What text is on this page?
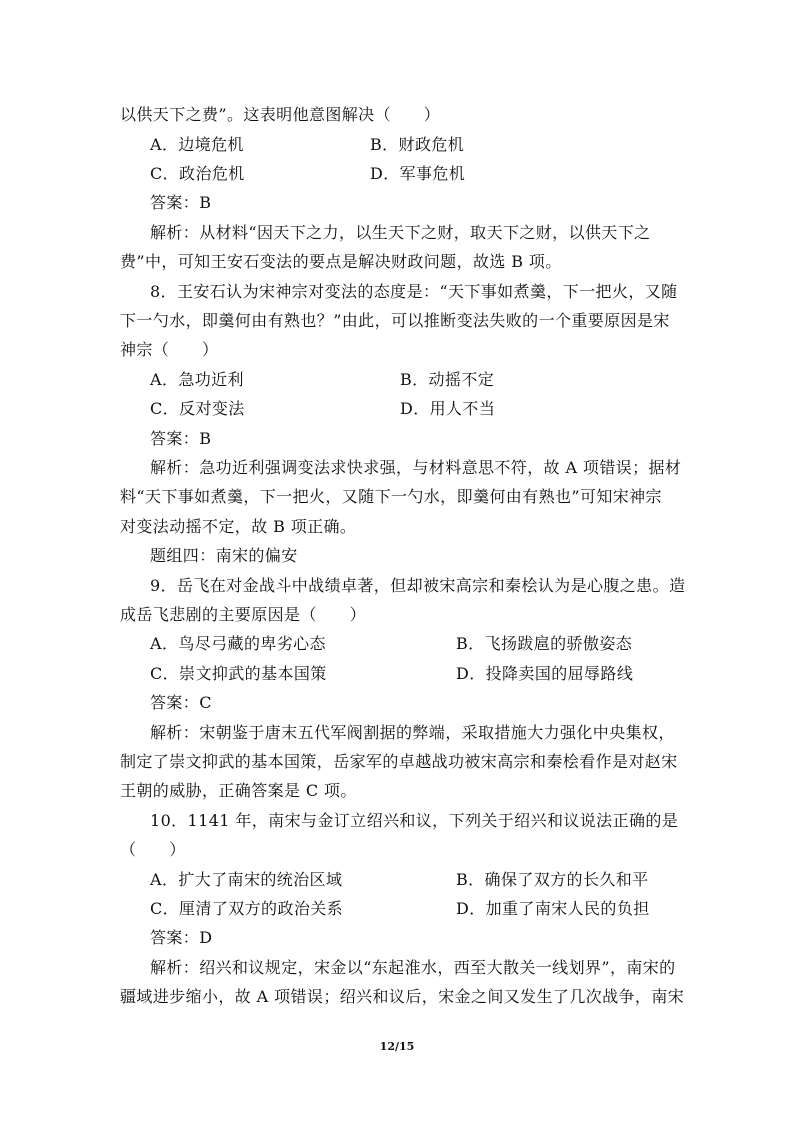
以供天下之费”。这表明他意图解决（　　）
A．边境危机	B．财政危机
C．政治危机	D．军事危机
答案：B
解析：从材料“因天下之力，以生天下之财，取天下之财，以供天下之
费”中，可知王安石变法的要点是解决财政问题，故选 B 项。
8．王安石认为宋神宗对变法的态度是：“天下事如煮羹，下一把火，又随
下一勺水，即羹何由有熟也？”由此，可以推断变法失败的一个重要原因是宋
神宗（　　）
A．急功近利	B．动摇不定
C．反对变法	D．用人不当
答案：B
解析：急功近利强调变法求快求强，与材料意思不符，故 A 项错误；据材
料“天下事如煮羹，下一把火，又随下一勺水，即羹何由有熟也”可知宋神宗
对变法动摇不定，故 B 项正确。
题组四：南宋的偏安
9．岳飞在对金战斗中战绩卓著，但却被宋高宗和秦桧认为是心腹之患。造
成岳飞悲剧的主要原因是（　　）
A．鸟尽弓藏的卑劣心态	B．飞扬跋扈的骄傲姿态
C．崇文抑武的基本国策	D．投降卖国的屈辱路线
答案：C
解析：宋朝鉴于唐末五代军阀割据的弊端，采取措施大力强化中央集权，
制定了崇文抑武的基本国策，岳家军的卓越战功被宋高宗和秦桧看作是对赵宋
王朝的威胁，正确答案是 C 项。
10．1141 年，南宋与金订立绍兴和议，下列关于绍兴和议说法正确的是
（　　）
A．扩大了南宋的统治区域	B．确保了双方的长久和平
C．厘清了双方的政治关系	D．加重了南宋人民的负担
答案：D
解析：绍兴和议规定，宋金以“东起淮水，西至大散关一线划界”，南宋的
疆域进步缩小，故 A 项错误；绍兴和议后，宋金之间又发生了几次战争，南宋
12/15
